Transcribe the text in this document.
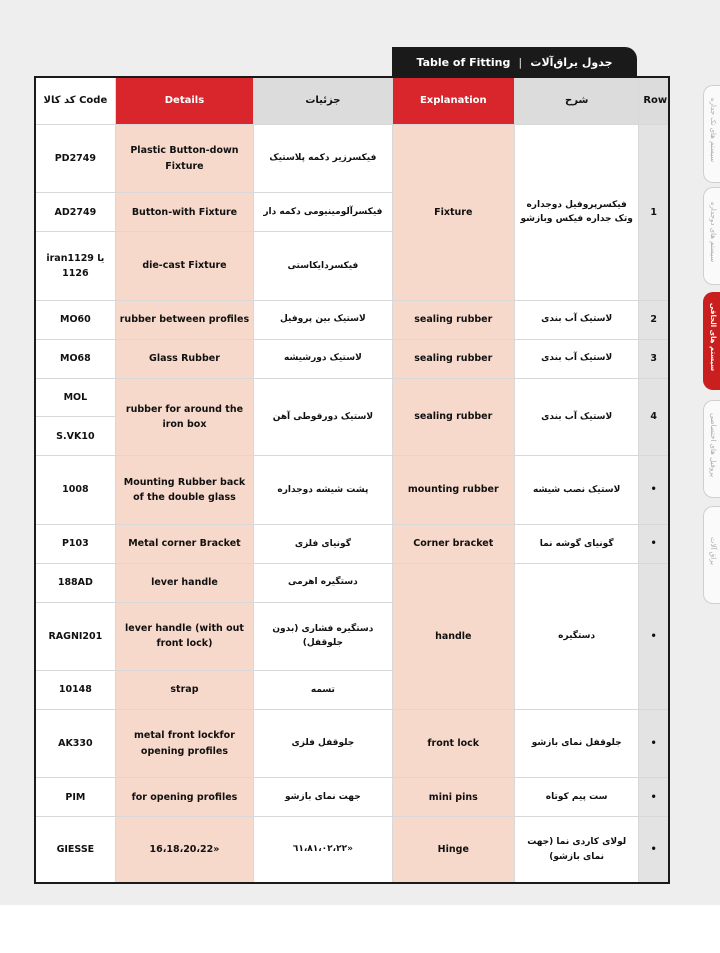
Table of Fitting | جدول یراق‌آلات
سیستم های تک جداره
سیستم های دوجداره
سیستم های الحاقی
پروفیل های اختصاصی
یراق آلات
کد کالا Code	Details	جزئیات	Explanation	شرح	Row
PD2749	Plastic Button-down Fixture	فیکسرزیر دکمه پلاستیک	Fixture	فیکسرپروفیل دوجداره وتک جداره فیکس وبازشو	1
AD2749	Button-with Fixture	فیکسرآلومینیومی دکمه دار			
iran1129 یا 1126	die-cast Fixture	فیکسردایکاستی			
MO60	rubber between profiles	لاستیک بین پروفیل	sealing rubber	لاستیک آب بندی	2
MO68	Glass Rubber	لاستیک دورشیشه	sealing rubber	لاستیک آب بندی	3
MOL	rubber for around the iron box	لاستیک دورقوطی آهن	sealing rubber	لاستیک آب بندی	4
S.VK10					
1008	Mounting Rubber back of the double glass	پشت شیشه دوجداره	mounting rubber	لاستیک نصب شیشه	•
P103	Metal corner Bracket	گونیای فلزی	Corner bracket	گونیای گوشه نما	•
188AD	lever handle	دستگیره اهرمی	handle	دستگیره	•
RAGNI201	lever handle (with out front lock)	دستگیره فشاری (بدون جلوقفل)			
10148	strap	تسمه			
AK330	metal front lockfor opening profiles	جلوقفل فلزی	front lock	جلوقفل نمای بازشو	•
PIM	for opening profiles	جهت نمای بازشو	mini pins	ست پیم کوتاه	•
GIESSE	16،18،20،22»	٦١،٨١،٠٢،٢٢»	Hinge	لولای کاردی نما (جهت نمای بازشو)	•
